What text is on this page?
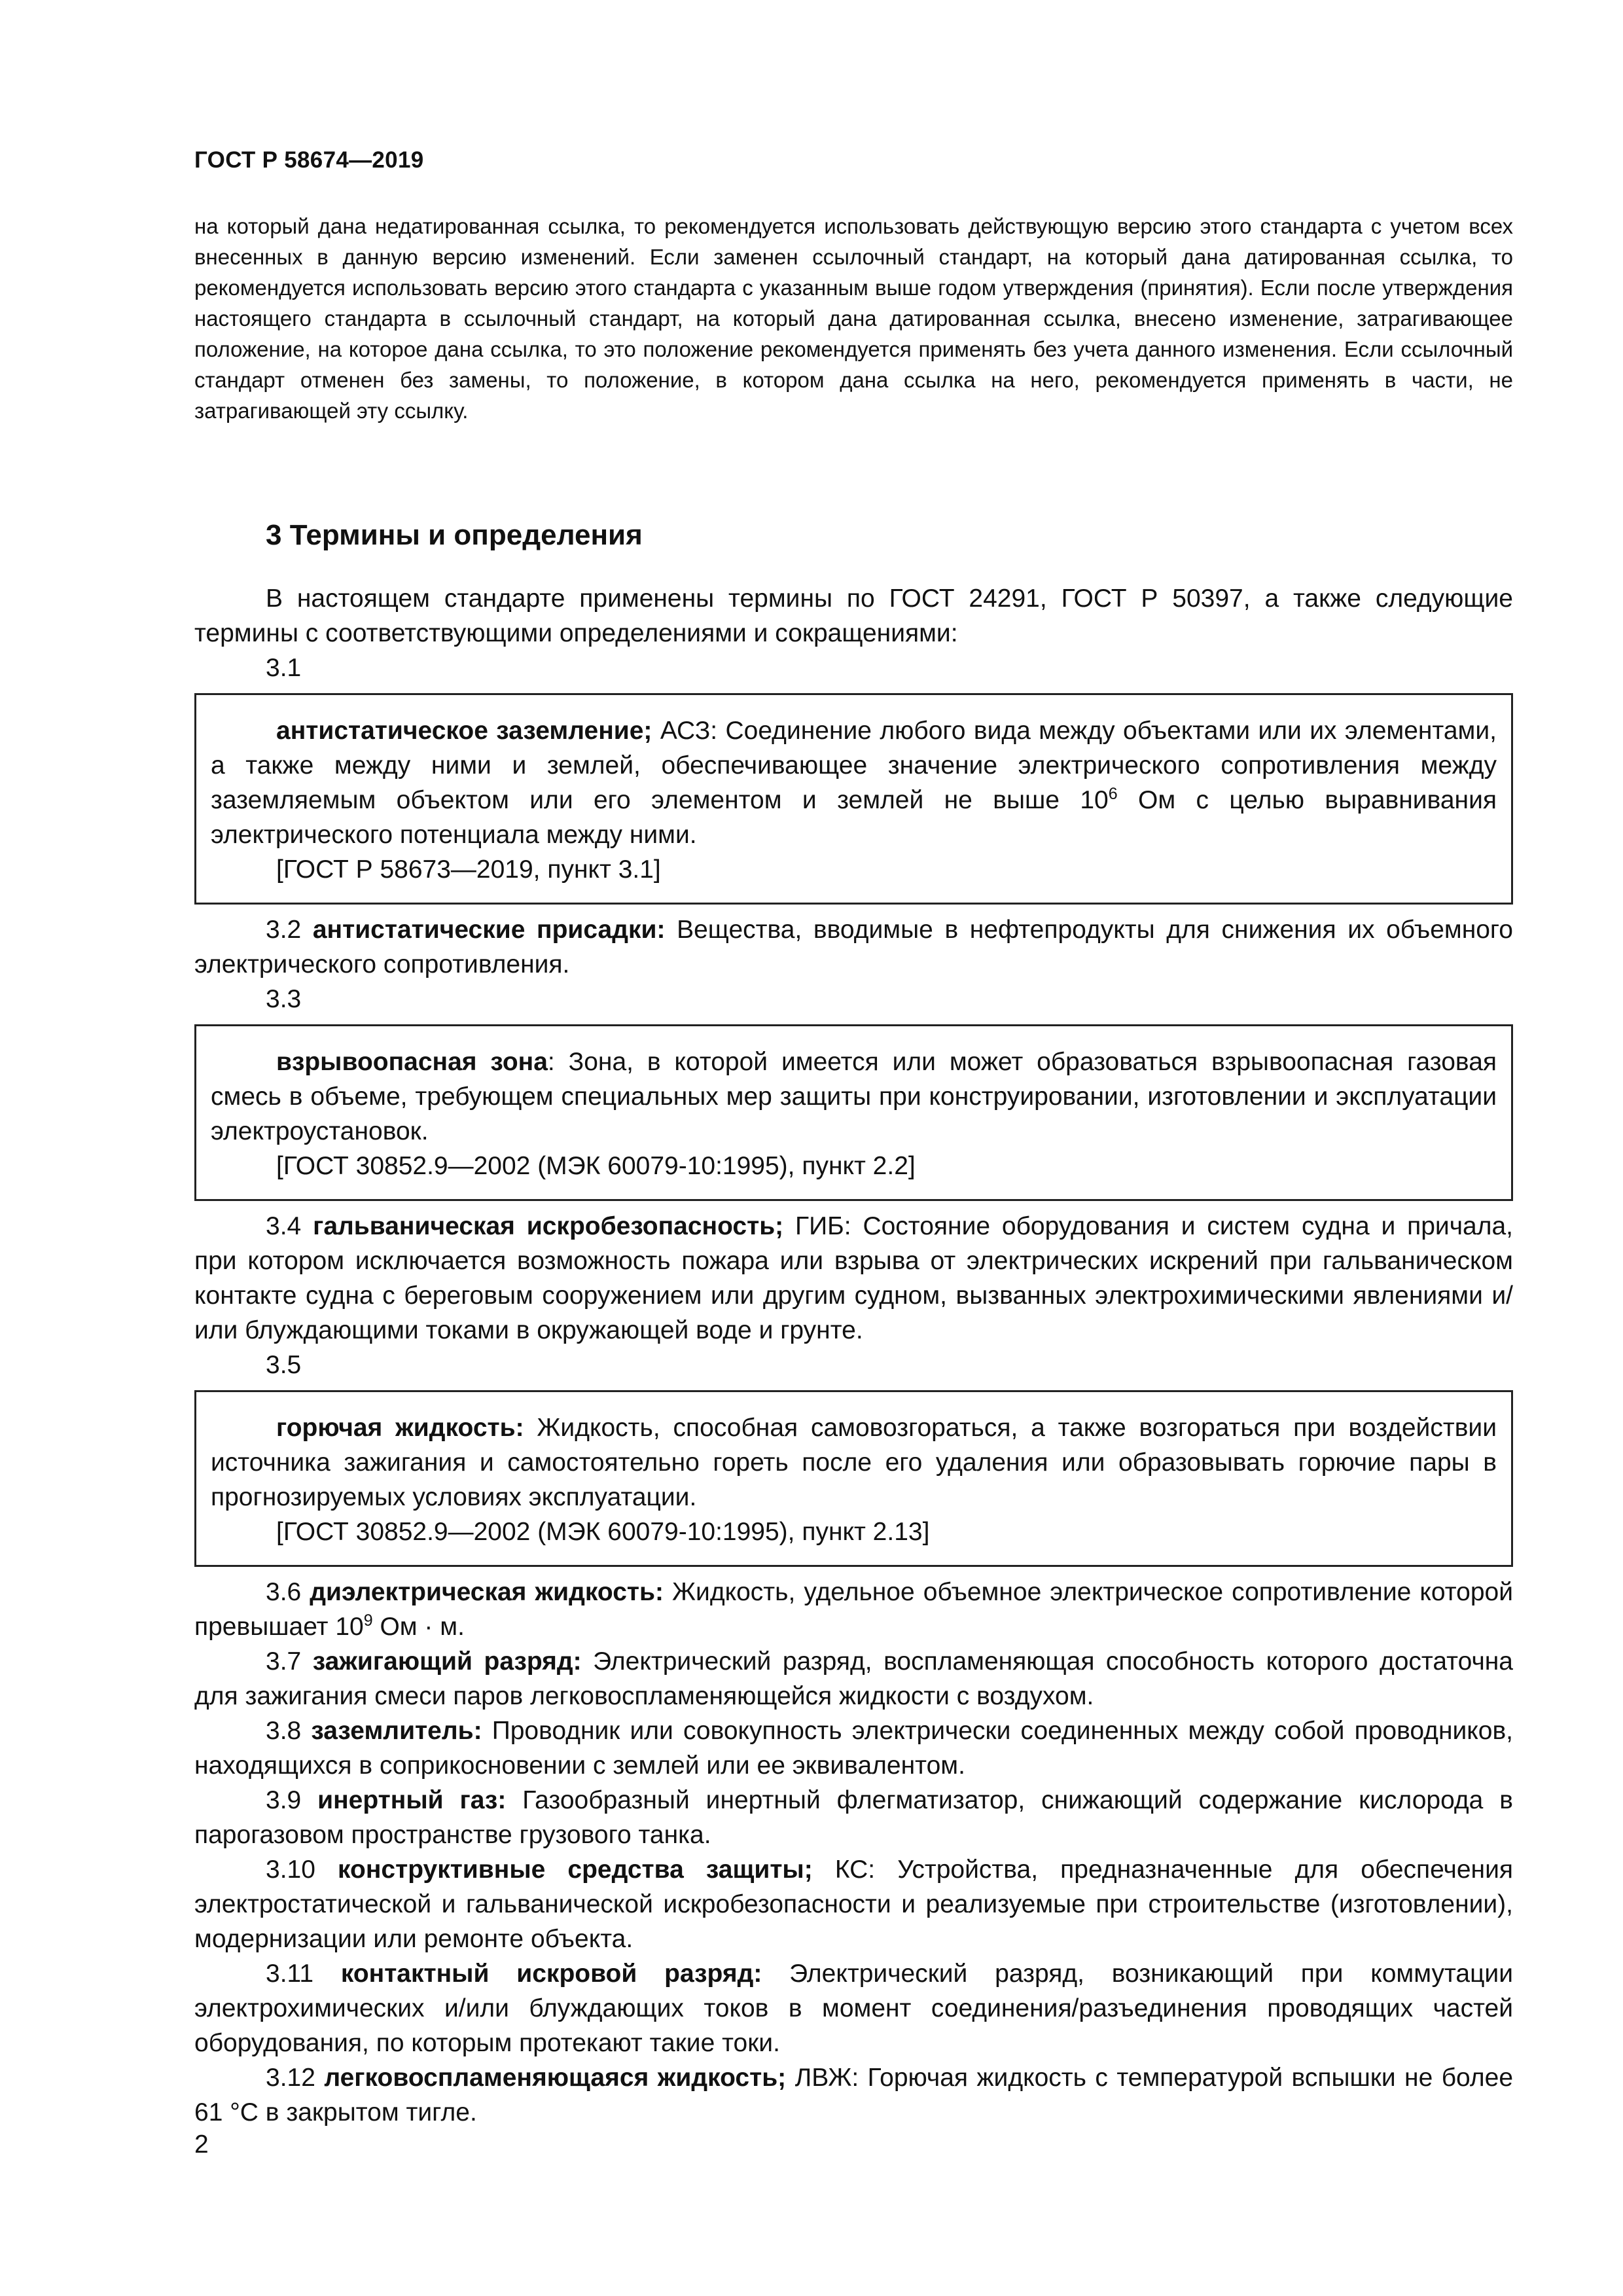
ГОСТ Р 58674—2019

на который дана недатированная ссылка, то рекомендуется использовать действующую версию этого стандарта с учетом всех внесенных в данную версию изменений. Если заменен ссылочный стандарт, на который дана датированная ссылка, то рекомендуется использовать версию этого стандарта с указанным выше годом утверждения (принятия). Если после утверждения настоящего стандарта в ссылочный стандарт, на который дана датированная ссылка, внесено изменение, затрагивающее положение, на которое дана ссылка, то это положение рекомендуется применять без учета данного изменения. Если ссылочный стандарт отменен без замены, то положение, в котором дана ссылка на него, рекомендуется применять в части, не затрагивающей эту ссылку.

3 Термины и определения

В настоящем стандарте применены термины по ГОСТ 24291, ГОСТ Р 50397, а также следующие термины с соответствующими определениями и сокращениями:

3.1

антистатическое заземление; АСЗ: Соединение любого вида между объектами или их элементами, а также между ними и землей, обеспечивающее значение электрического сопротивления между заземляемым объектом или его элементом и землей не выше $10^6$ Ом с целью выравнивания электрического потенциала между ними.

[ГОСТ Р 58673—2019, пункт 3.1]

3.2 антистатические присадки: Вещества, вводимые в нефтепродукты для снижения их объемного электрического сопротивления.

3.3

взрывоопасная зона: Зона, в которой имеется или может образоваться взрывоопасная газовая смесь в объеме, требующем специальных мер защиты при конструировании, изготовлении и эксплуатации электроустановок.

[ГОСТ 30852.9—2002 (МЭК 60079-10:1995), пункт 2.2]

3.4 гальваническая искробезопасность; ГИБ: Состояние оборудования и систем судна и причала, при котором исключается возможность пожара или взрыва от электрических искрений при гальваническом контакте судна с береговым сооружением или другим судном, вызванных электрохимическими явлениями и/или блуждающими токами в окружающей воде и грунте.

3.5

горючая жидкость: Жидкость, способная самовозгораться, а также возгораться при воздействии источника зажигания и самостоятельно гореть после его удаления или образовывать горючие пары в прогнозируемых условиях эксплуатации.

[ГОСТ 30852.9—2002 (МЭК 60079-10:1995), пункт 2.13]

3.6 диэлектрическая жидкость: Жидкость, удельное объемное электрическое сопротивление которой превышает $10^9$ Ом · м.

3.7 зажигающий разряд: Электрический разряд, воспламеняющая способность которого достаточна для зажигания смеси паров легковоспламеняющейся жидкости с воздухом.

3.8 заземлитель: Проводник или совокупность электрически соединенных между собой проводников, находящихся в соприкосновении с землей или ее эквивалентом.

3.9 инертный газ: Газообразный инертный флегматизатор, снижающий содержание кислорода в парогазовом пространстве грузового танка.

3.10 конструктивные средства защиты; КС: Устройства, предназначенные для обеспечения электростатической и гальванической искробезопасности и реализуемые при строительстве (изготовлении), модернизации или ремонте объекта.

3.11 контактный искровой разряд: Электрический разряд, возникающий при коммутации электрохимических и/или блуждающих токов в момент соединения/разъединения проводящих частей оборудования, по которым протекают такие токи.

3.12 легковоспламеняющаяся жидкость; ЛВЖ: Горючая жидкость с температурой вспышки не более 61 °С в закрытом тигле.

2
